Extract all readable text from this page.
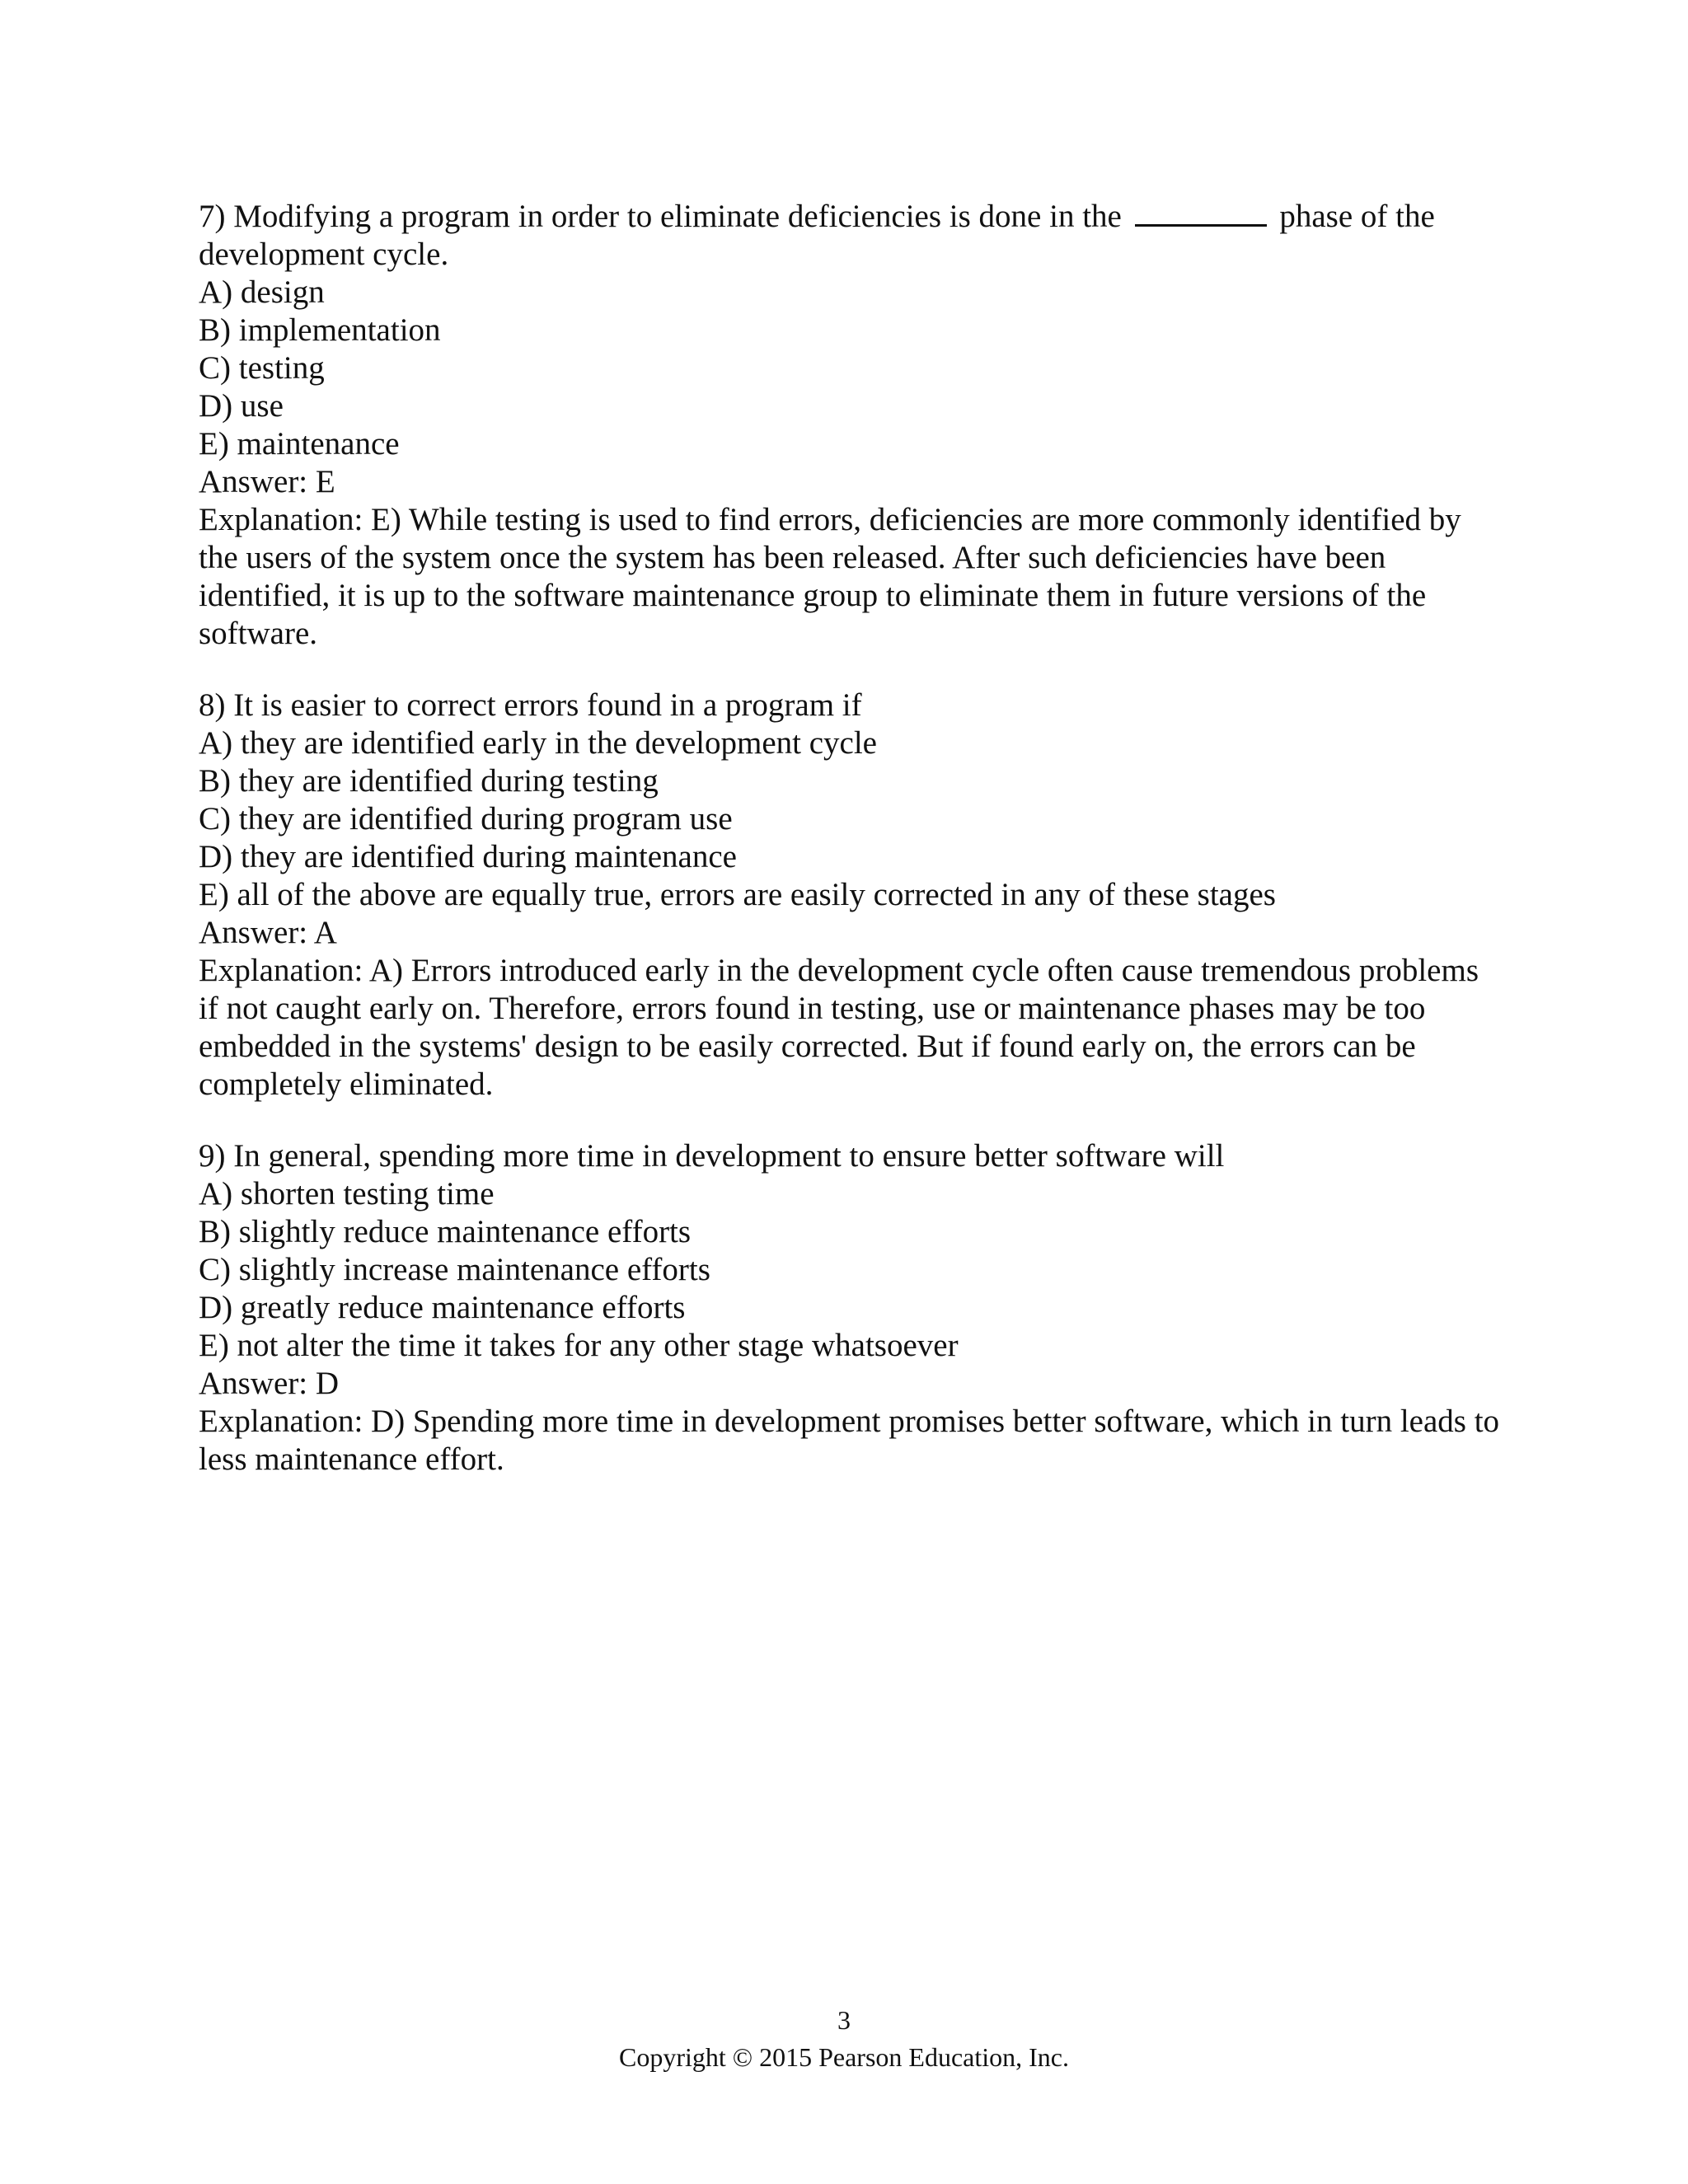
7) Modifying a program in order to eliminate deficiencies is done in the	phase of the development cycle.
A) design
B) implementation
C) testing
D) use
E) maintenance
Answer: E
Explanation: E) While testing is used to find errors, deficiencies are more commonly identified by the users of the system once the system has been released. After such deficiencies have been identified, it is up to the software maintenance group to eliminate them in future versions of the software.
8) It is easier to correct errors found in a program if
A) they are identified early in the development cycle
B) they are identified during testing
C) they are identified during program use
D) they are identified during maintenance
E) all of the above are equally true, errors are easily corrected in any of these stages
Answer: A
Explanation: A) Errors introduced early in the development cycle often cause tremendous problems if not caught early on. Therefore, errors found in testing, use or maintenance phases may be too embedded in the systems' design to be easily corrected. But if found early on, the errors can be completely eliminated.
9) In general, spending more time in development to ensure better software will
A) shorten testing time
B) slightly reduce maintenance efforts
C) slightly increase maintenance efforts
D) greatly reduce maintenance efforts
E) not alter the time it takes for any other stage whatsoever
Answer: D
Explanation: D) Spending more time in development promises better software, which in turn leads to less maintenance effort.
3
Copyright © 2015 Pearson Education, Inc.
